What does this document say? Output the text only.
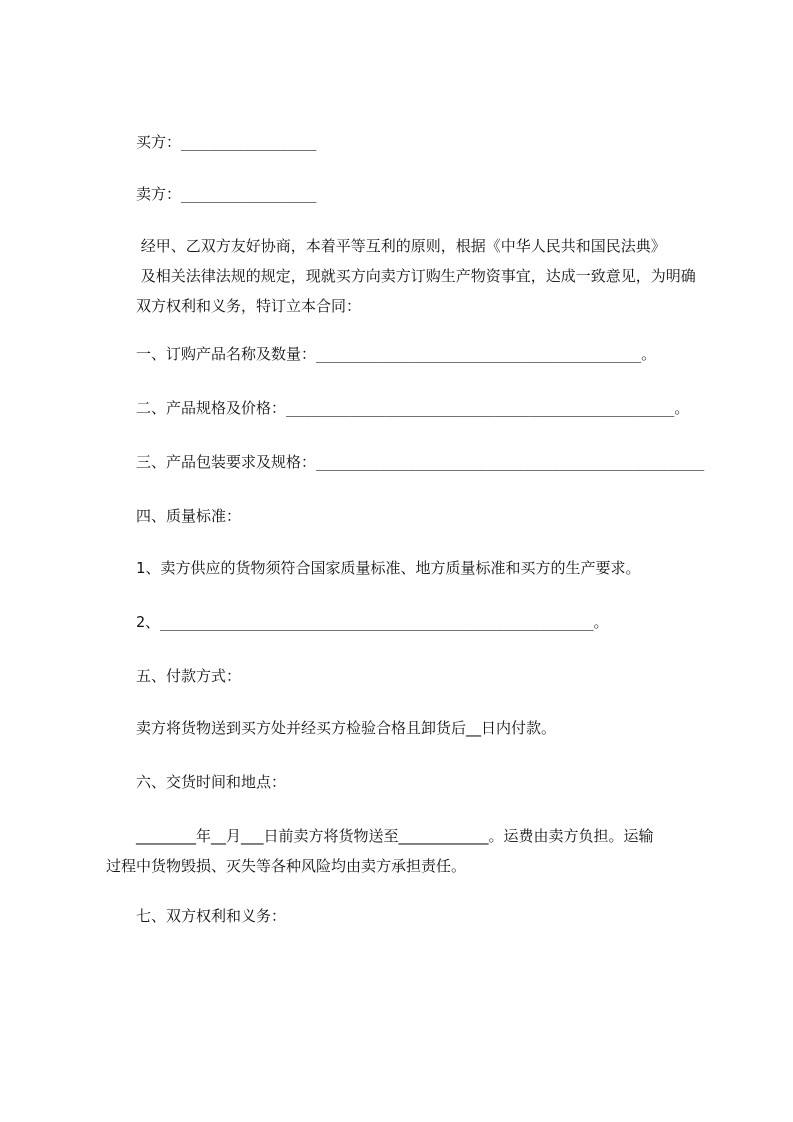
买方：_______________
卖方：_______________
经甲、乙双方友好协商，本着平等互利的原则，根据《中华人民共和国民法典》
及相关法律法规的规定，现就买方向卖方订购生产物资事宜，达成一致意见，为明确
双方权利和义务，特订立本合同：
一、订购产品名称及数量：____________________________________。
二、产品规格及价格：___________________________________________。
三、产品包装要求及规格：___________________________________________
四、质量标准：
1、卖方供应的货物须符合国家质量标准、地方质量标准和买方的生产要求。
2、________________________________________________。
五、付款方式：
卖方将货物送到买方处并经买方检验合格且卸货后__日内付款。
六、交货时间和地点：
________年__月___日前卖方将货物送至____________。运费由卖方负担。运输
过程中货物毁损、灭失等各种风险均由卖方承担责任。
七、双方权利和义务：
